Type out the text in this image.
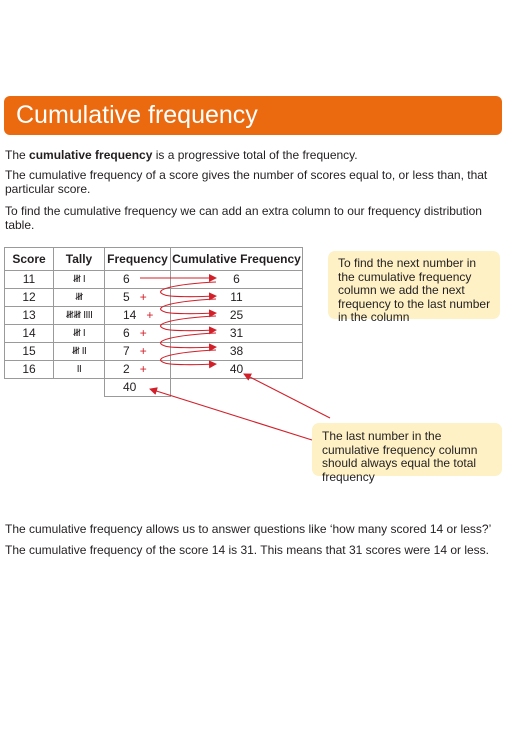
Cumulative frequency
The cumulative frequency is a progressive total of the frequency.
The cumulative frequency of a score gives the number of scores equal to, or less than, that particular score.
To find the cumulative frequency we can add an extra column to our frequency distribution table.
Score	Tally	Frequency	Cumulative Frequency
11	𝍸 I	6	6
12	𝍸	5 +	11
13	𝍸𝍸 IIII	14 +	25
14	𝍸 I	6 +	31
15	𝍸 II	7 +	38
16	II	2 +	40
		40	
To find the next number in the cumulative frequency column we add the next frequency to the last number in the column
The last number in the cumulative frequency column should always equal the total frequency
The cumulative frequency allows us to answer questions like ‘how many scored 14 or less?’
The cumulative frequency of the score 14 is 31. This means that 31 scores were 14 or less.
